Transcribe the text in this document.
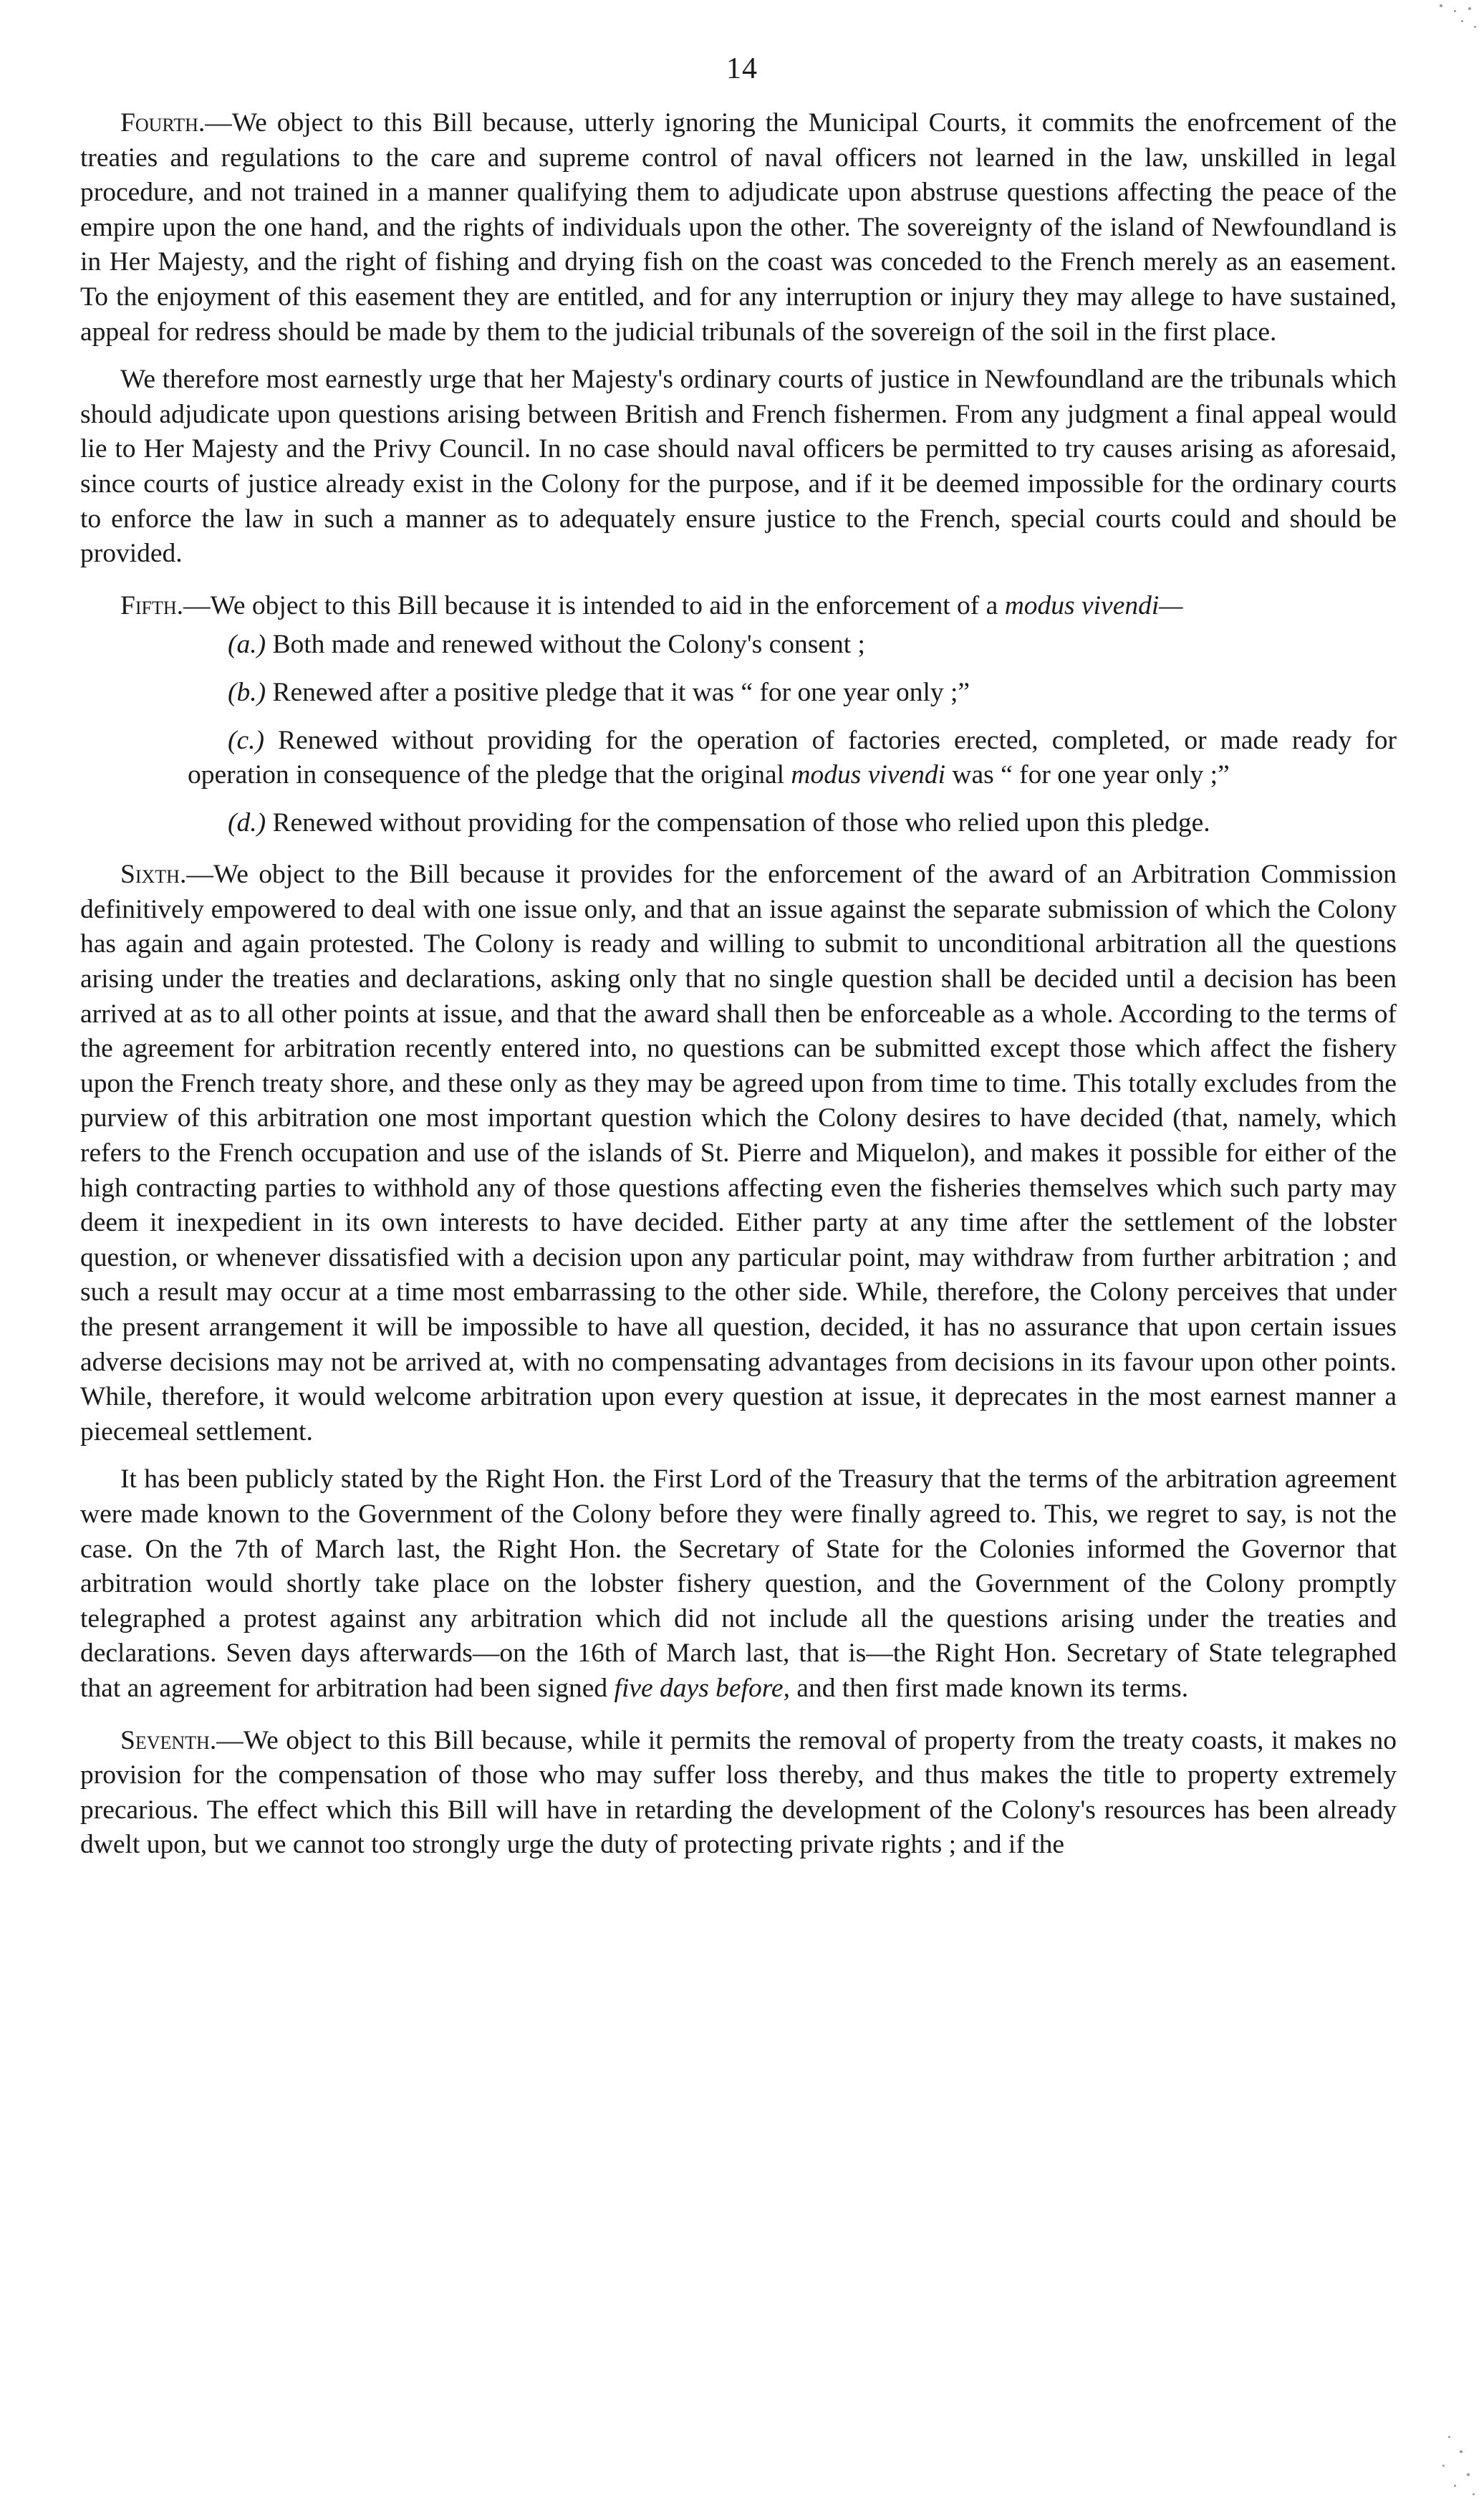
14

Fourth.—We object to this Bill because, utterly ignoring the Municipal Courts, it commits the enofrcement of the treaties and regulations to the care and supreme control of naval officers not learned in the law, unskilled in legal procedure, and not trained in a manner qualifying them to adjudicate upon abstruse questions affecting the peace of the empire upon the one hand, and the rights of individuals upon the other. The sovereignty of the island of Newfoundland is in Her Majesty, and the right of fishing and drying fish on the coast was conceded to the French merely as an easement. To the enjoyment of this easement they are entitled, and for any interruption or injury they may allege to have sustained, appeal for redress should be made by them to the judicial tribunals of the sovereign of the soil in the first place.

We therefore most earnestly urge that her Majesty's ordinary courts of justice in Newfoundland are the tribunals which should adjudicate upon questions arising between British and French fishermen. From any judgment a final appeal would lie to Her Majesty and the Privy Council. In no case should naval officers be permitted to try causes arising as aforesaid, since courts of justice already exist in the Colony for the purpose, and if it be deemed impossible for the ordinary courts to enforce the law in such a manner as to adequately ensure justice to the French, special courts could and should be provided.

Fifth.—We object to this Bill because it is intended to aid in the enforcement of a modus vivendi—

(a.) Both made and renewed without the Colony's consent ;

(b.) Renewed after a positive pledge that it was “ for one year only ;”

(c.) Renewed without providing for the operation of factories erected, completed, or made ready for operation in consequence of the pledge that the original modus vivendi was “ for one year only ;”

(d.) Renewed without providing for the compensation of those who relied upon this pledge.

Sixth.—We object to the Bill because it provides for the enforcement of the award of an Arbitration Commission definitively empowered to deal with one issue only, and that an issue against the separate submission of which the Colony has again and again protested. The Colony is ready and willing to submit to unconditional arbitration all the questions arising under the treaties and declarations, asking only that no single question shall be decided until a decision has been arrived at as to all other points at issue, and that the award shall then be enforceable as a whole. According to the terms of the agreement for arbitration recently entered into, no questions can be submitted except those which affect the fishery upon the French treaty shore, and these only as they may be agreed upon from time to time. This totally excludes from the purview of this arbitration one most important question which the Colony desires to have decided (that, namely, which refers to the French occupation and use of the islands of St. Pierre and Miquelon), and makes it possible for either of the high contracting parties to withhold any of those questions affecting even the fisheries themselves which such party may deem it inexpedient in its own interests to have decided. Either party at any time after the settlement of the lobster question, or whenever dissatisfied with a decision upon any particular point, may withdraw from further arbitration ; and such a result may occur at a time most embarrassing to the other side. While, therefore, the Colony perceives that under the present arrangement it will be impossible to have all question, decided, it has no assurance that upon certain issues adverse decisions may not be arrived at, with no compensating advantages from decisions in its favour upon other points. While, therefore, it would welcome arbitration upon every question at issue, it deprecates in the most earnest manner a piecemeal settlement.

It has been publicly stated by the Right Hon. the First Lord of the Treasury that the terms of the arbitration agreement were made known to the Government of the Colony before they were finally agreed to. This, we regret to say, is not the case. On the 7th of March last, the Right Hon. the Secretary of State for the Colonies informed the Governor that arbitration would shortly take place on the lobster fishery question, and the Government of the Colony promptly telegraphed a protest against any arbitration which did not include all the questions arising under the treaties and declarations. Seven days afterwards—on the 16th of March last, that is—the Right Hon. Secretary of State telegraphed that an agreement for arbitration had been signed five days before, and then first made known its terms.

Seventh.—We object to this Bill because, while it permits the removal of property from the treaty coasts, it makes no provision for the compensation of those who may suffer loss thereby, and thus makes the title to property extremely precarious. The effect which this Bill will have in retarding the development of the Colony's resources has been already dwelt upon, but we cannot too strongly urge the duty of protecting private rights ; and if the
